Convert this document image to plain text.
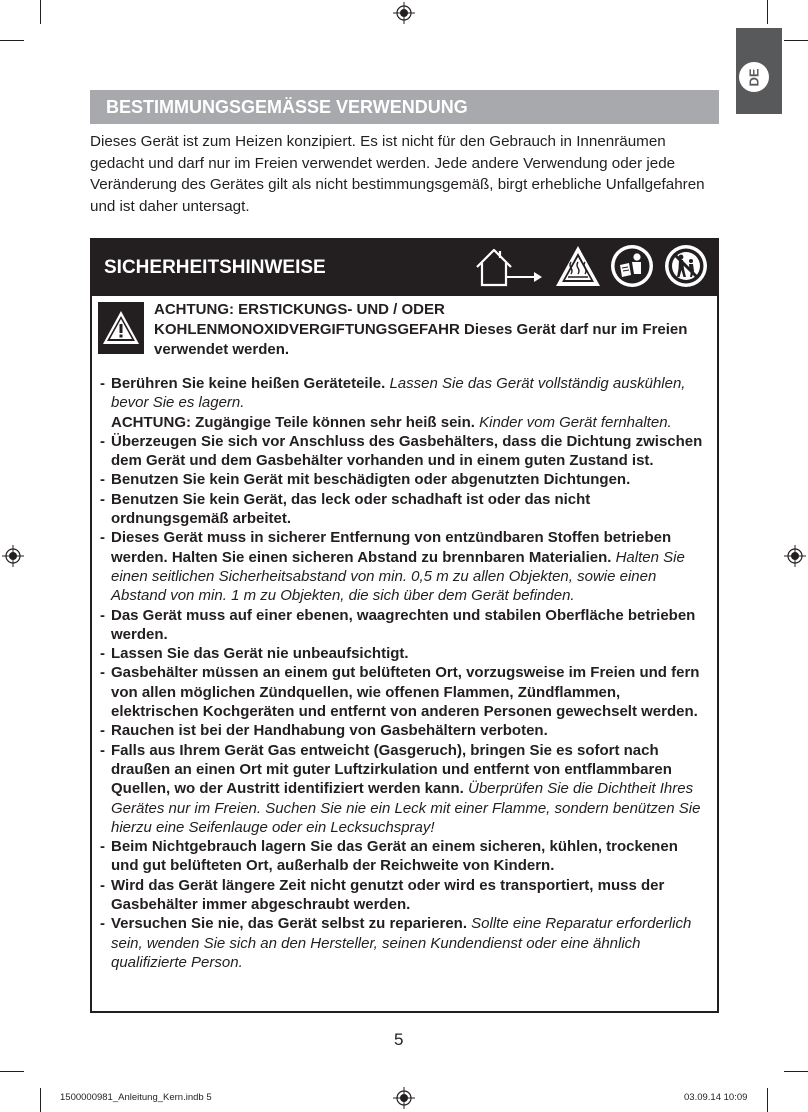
DE
BESTIMMUNGSGEMÄSSE VERWENDUNG

Dieses Gerät ist zum Heizen konzipiert. Es ist nicht für den Gebrauch in Innenräumen gedacht und darf nur im Freien verwendet werden. Jede andere Verwendung oder jede Veränderung des Gerätes gilt als nicht bestimmungsgemäß, birgt erhebliche Unfallgefahren und ist daher untersagt.

SICHERHEITSHINWEISE

ACHTUNG: ERSTICKUNGS- UND / ODER KOHLENMONOXIDVERGIFTUNGSGEFAHR Dieses Gerät darf nur im Freien verwendet werden.

- Berühren Sie keine heißen Geräteteile. Lassen Sie das Gerät vollständig auskühlen, bevor Sie es lagern.
ACHTUNG: Zugängige Teile können sehr heiß sein. Kinder vom Gerät fernhalten.
- Überzeugen Sie sich vor Anschluss des Gasbehälters, dass die Dichtung zwischen dem Gerät und dem Gasbehälter vorhanden und in einem guten Zustand ist.
- Benutzen Sie kein Gerät mit beschädigten oder abgenutzten Dichtungen.
- Benutzen Sie kein Gerät, das leck oder schadhaft ist oder das nicht ordnungsgemäß arbeitet.
- Dieses Gerät muss in sicherer Entfernung von entzündbaren Stoffen betrieben werden. Halten Sie einen sicheren Abstand zu brennbaren Materialien. Halten Sie einen seitlichen Sicherheitsabstand von min. 0,5 m zu allen Objekten, sowie einen Abstand von min. 1 m zu Objekten, die sich über dem Gerät befinden.
- Das Gerät muss auf einer ebenen, waagrechten und stabilen Oberfläche betrieben werden.
- Lassen Sie das Gerät nie unbeaufsichtigt.
- Gasbehälter müssen an einem gut belüfteten Ort, vorzugsweise im Freien und fern von allen möglichen Zündquellen, wie offenen Flammen, Zündflammen, elektrischen Kochgeräten und entfernt von anderen Personen gewechselt werden.
- Rauchen ist bei der Handhabung von Gasbehältern verboten.
- Falls aus Ihrem Gerät Gas entweicht (Gasgeruch), bringen Sie es sofort nach draußen an einen Ort mit guter Luftzirkulation und entfernt von entflammbaren Quellen, wo der Austritt identifiziert werden kann. Überprüfen Sie die Dichtheit Ihres Gerätes nur im Freien. Suchen Sie nie ein Leck mit einer Flamme, sondern benützen Sie hierzu eine Seifenlauge oder ein Lecksuchspray!
- Beim Nichtgebrauch lagern Sie das Gerät an einem sicheren, kühlen, trockenen und gut belüfteten Ort, außerhalb der Reichweite von Kindern.
- Wird das Gerät längere Zeit nicht genutzt oder wird es transportiert, muss der Gasbehälter immer abgeschraubt werden.
- Versuchen Sie nie, das Gerät selbst zu reparieren. Sollte eine Reparatur erforderlich sein, wenden Sie sich an den Hersteller, seinen Kundendienst oder eine ähnlich qualifizierte Person.
5
1500000981_Anleitung_Kern.indb 5	03.09.14 10:09
